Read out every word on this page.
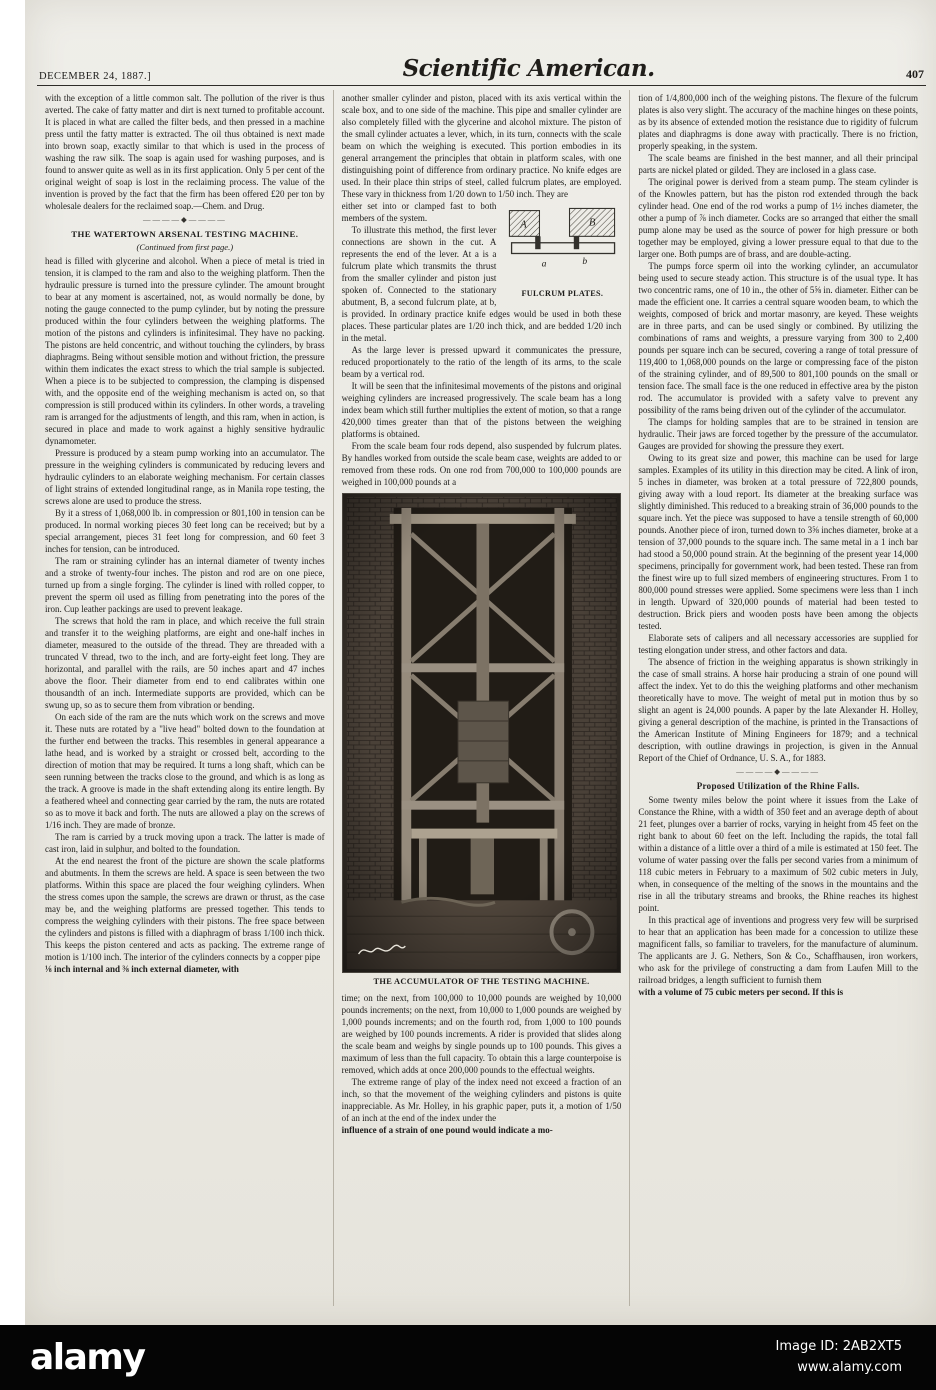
DECEMBER 24, 1887.]	Scientific American.	407

with the exception of a little common salt. The pollution of the river is thus averted. The cake of fatty matter and dirt is next turned to profitable account. It is placed in what are called the filter beds, and then pressed in a machine press until the fatty matter is extracted. The oil thus obtained is next made into brown soap, exactly similar to that which is used in the process of washing the raw silk. The soap is again used for washing purposes, and is found to answer quite as well as in its first application. Only 5 per cent of the original weight of soap is lost in the reclaiming process. The value of the invention is proved by the fact that the firm has been offered £20 per ton by wholesale dealers for the reclaimed soap.—Chem. and Drug.

————◆————

THE WATERTOWN ARSENAL TESTING MACHINE.

(Continued from first page.)

head is filled with glycerine and alcohol. When a piece of metal is tried in tension, it is clamped to the ram and also to the weighing platform. Then the hydraulic pressure is turned into the pressure cylinder. The amount brought to bear at any moment is ascertained, not, as would normally be done, by noting the gauge connected to the pump cylinder, but by noting the pressure produced within the four cylinders between the weighing platforms. The motion of the pistons and cylinders is infinitesimal. They have no packing. The pistons are held concentric, and without touching the cylinders, by brass diaphragms. Being without sensible motion and without friction, the pressure within them indicates the exact stress to which the trial sample is subjected. When a piece is to be subjected to compression, the clamping is dispensed with, and the opposite end of the weighing mechanism is acted on, so that compression is still produced within its cylinders. In other words, a traveling ram is arranged for the adjustments of length, and this ram, when in action, is secured in place and made to work against a highly sensitive hydraulic dynamometer.

Pressure is produced by a steam pump working into an accumulator. The pressure in the weighing cylinders is communicated by reducing levers and hydraulic cylinders to an elaborate weighing mechanism. For certain classes of light strains of extended longitudinal range, as in Manila rope testing, the screws alone are used to produce the stress.

By it a stress of 1,068,000 lb. in compression or 801,100 in tension can be produced. In normal working pieces 30 feet long can be received; but by a special arrangement, pieces 31 feet long for compression, and 60 feet 3 inches for tension, can be introduced.

The ram or straining cylinder has an internal diameter of twenty inches and a stroke of twenty-four inches. The piston and rod are on one piece, turned up from a single forging. The cylinder is lined with rolled copper, to prevent the sperm oil used as filling from penetrating into the pores of the iron. Cup leather packings are used to prevent leakage.

The screws that hold the ram in place, and which receive the full strain and transfer it to the weighing platforms, are eight and one-half inches in diameter, measured to the outside of the thread. They are threaded with a truncated V thread, two to the inch, and are forty-eight feet long. They are horizontal, and parallel with the rails, are 50 inches apart and 47 inches above the floor. Their diameter from end to end calibrates within one thousandth of an inch. Intermediate supports are provided, which can be swung up, so as to secure them from vibration or bending.

On each side of the ram are the nuts which work on the screws and move it. These nuts are rotated by a "live head" bolted down to the foundation at the further end between the tracks. This resembles in general appearance a lathe head, and is worked by a straight or crossed belt, according to the direction of motion that may be required. It turns a long shaft, which can be seen running between the tracks close to the ground, and which is as long as the track. A groove is made in the shaft extending along its entire length. By a feathered wheel and connecting gear carried by the ram, the nuts are rotated so as to move it back and forth. The nuts are allowed a play on the screws of 1/16 inch. They are made of bronze.

The ram is carried by a truck moving upon a track. The latter is made of cast iron, laid in sulphur, and bolted to the foundation.

At the end nearest the front of the picture are shown the scale platforms and abutments. In them the screws are held. A space is seen between the two platforms. Within this space are placed the four weighing cylinders. When the stress comes upon the sample, the screws are drawn or thrust, as the case may be, and the weighing platforms are pressed together. This tends to compress the weighing cylinders with their pistons. The free space between the cylinders and pistons is filled with a diaphragm of brass 1/100 inch thick. This keeps the piston centered and acts as packing. The extreme range of motion is 1/100 inch. The interior of the cylinders connects by a copper pipe

⅛ inch internal and ⅜ inch external diameter, with

another smaller cylinder and piston, placed with its axis vertical within the scale box, and to one side of the machine. This pipe and smaller cylinder are also completely filled with the glycerine and alcohol mixture. The piston of the small cylinder actuates a lever, which, in its turn, connects with the scale beam on which the weighing is executed. This portion embodies in its general arrangement the principles that obtain in platform scales, with one distinguishing point of difference from ordinary practice. No knife edges are used. In their place thin strips of steel, called fulcrum plates, are employed. These vary in thickness from 1/20 down to 1/50 inch. They are

A	B
a	b
FULCRUM PLATES.

either set into or clamped fast to both members of the system.

To illustrate this method, the first lever connections are shown in the cut. A represents the end of the lever. At a is a fulcrum plate which transmits the thrust from the smaller cylinder and piston just spoken of. Connected to the stationary abutment, B, a second fulcrum plate, at b, is provided. In ordinary practice knife edges would be used in both these places. These particular plates are 1/20 inch thick, and are bedded 1/20 inch in the metal.

As the large lever is pressed upward it communicates the pressure, reduced proportionately to the ratio of the length of its arms, to the scale beam by a vertical rod.

It will be seen that the infinitesimal movements of the pistons and original weighing cylinders are increased progressively. The scale beam has a long index beam which still further multiplies the extent of motion, so that a range 420,000 times greater than that of the pistons between the weighing platforms is obtained.

From the scale beam four rods depend, also suspended by fulcrum plates. By handles worked from outside the scale beam case, weights are added to or removed from these rods. On one rod from 700,000 to 100,000 pounds are weighed in 100,000 pounds at a

THE ACCUMULATOR OF THE TESTING MACHINE.

time; on the next, from 100,000 to 10,000 pounds are weighed by 10,000 pounds increments; on the next, from 10,000 to 1,000 pounds are weighed by 1,000 pounds increments; and on the fourth rod, from 1,000 to 100 pounds are weighed by 100 pounds increments. A rider is provided that slides along the scale beam and weighs by single pounds up to 100 pounds. This gives a maximum of less than the full capacity. To obtain this a large counterpoise is removed, which adds at once 200,000 pounds to the effectual weights.

The extreme range of play of the index need not exceed a fraction of an inch, so that the movement of the weighing cylinders and pistons is quite inappreciable. As Mr. Holley, in his graphic paper, puts it, a motion of 1/50 of an inch at the end of the index under the

influence of a strain of one pound would indicate a mo-

tion of 1/4,800,000 inch of the weighing pistons. The flexure of the fulcrum plates is also very slight. The accuracy of the machine hinges on these points, as by its absence of extended motion the resistance due to rigidity of fulcrum plates and diaphragms is done away with practically. There is no friction, properly speaking, in the system.

The scale beams are finished in the best manner, and all their principal parts are nickel plated or gilded. They are inclosed in a glass case.

The original power is derived from a steam pump. The steam cylinder is of the Knowles pattern, but has the piston rod extended through the back cylinder head. One end of the rod works a pump of 1½ inches diameter, the other a pump of ⅞ inch diameter. Cocks are so arranged that either the small pump alone may be used as the source of power for high pressure or both together may be employed, giving a lower pressure equal to that due to the larger one. Both pumps are of brass, and are double-acting.

The pumps force sperm oil into the working cylinder, an accumulator being used to secure steady action. This structure is of the usual type. It has two concentric rams, one of 10 in., the other of 5⅝ in. diameter. Either can be made the efficient one. It carries a central square wooden beam, to which the weights, composed of brick and mortar masonry, are keyed. These weights are in three parts, and can be used singly or combined. By utilizing the combinations of rams and weights, a pressure varying from 300 to 2,400 pounds per square inch can be secured, covering a range of total pressure of 119,400 to 1,068,000 pounds on the large or compressing face of the piston of the straining cylinder, and of 89,500 to 801,100 pounds on the small or tension face. The small face is the one reduced in effective area by the piston rod. The accumulator is provided with a safety valve to prevent any possibility of the rams being driven out of the cylinder of the accumulator.

The clamps for holding samples that are to be strained in tension are hydraulic. Their jaws are forced together by the pressure of the accumulator. Gauges are provided for showing the pressure they exert.

Owing to its great size and power, this machine can be used for large samples. Examples of its utility in this direction may be cited. A link of iron, 5 inches in diameter, was broken at a total pressure of 722,800 pounds, giving away with a loud report. Its diameter at the breaking surface was slightly diminished. This reduced to a breaking strain of 36,000 pounds to the square inch. Yet the piece was supposed to have a tensile strength of 60,000 pounds. Another piece of iron, turned down to 3⅝ inches diameter, broke at a tension of 37,000 pounds to the square inch. The same metal in a 1 inch bar had stood a 50,000 pound strain. At the beginning of the present year 14,000 specimens, principally for government work, had been tested. These ran from the finest wire up to full sized members of engineering structures. From 1 to 800,000 pound stresses were applied. Some specimens were less than 1 inch in length. Upward of 320,000 pounds of material had been tested to destruction. Brick piers and wooden posts have been among the objects tested.

Elaborate sets of calipers and all necessary accessories are supplied for testing elongation under stress, and other factors and data.

The absence of friction in the weighing apparatus is shown strikingly in the case of small strains. A horse hair producing a strain of one pound will affect the index. Yet to do this the weighing platforms and other mechanism theoretically have to move. The weight of metal put in motion thus by so slight an agent is 24,000 pounds. A paper by the late Alexander H. Holley, giving a general description of the machine, is printed in the Transactions of the American Institute of Mining Engineers for 1879; and a technical description, with outline drawings in projection, is given in the Annual Report of the Chief of Ordnance, U. S. A., for 1883.

————◆————

Proposed Utilization of the Rhine Falls.

Some twenty miles below the point where it issues from the Lake of Constance the Rhine, with a width of 350 feet and an average depth of about 21 feet, plunges over a barrier of rocks, varying in height from 45 feet on the right bank to about 60 feet on the left. Including the rapids, the total fall within a distance of a little over a third of a mile is estimated at 150 feet. The volume of water passing over the falls per second varies from a minimum of 118 cubic meters in February to a maximum of 502 cubic meters in July, when, in consequence of the melting of the snows in the mountains and the rise in all the tributary streams and brooks, the Rhine reaches its highest point.

In this practical age of inventions and progress very few will be surprised to hear that an application has been made for a concession to utilize these magnificent falls, so familiar to travelers, for the manufacture of aluminum. The applicants are J. G. Nethers, Son & Co., Schaffhausen, iron workers, who ask for the privilege of constructing a dam from Laufen Mill to the railroad bridges, a length sufficient to furnish them

with a volume of 75 cubic meters per second. If this is

alamy	Image ID: 2AB2XT5
www.alamy.com
